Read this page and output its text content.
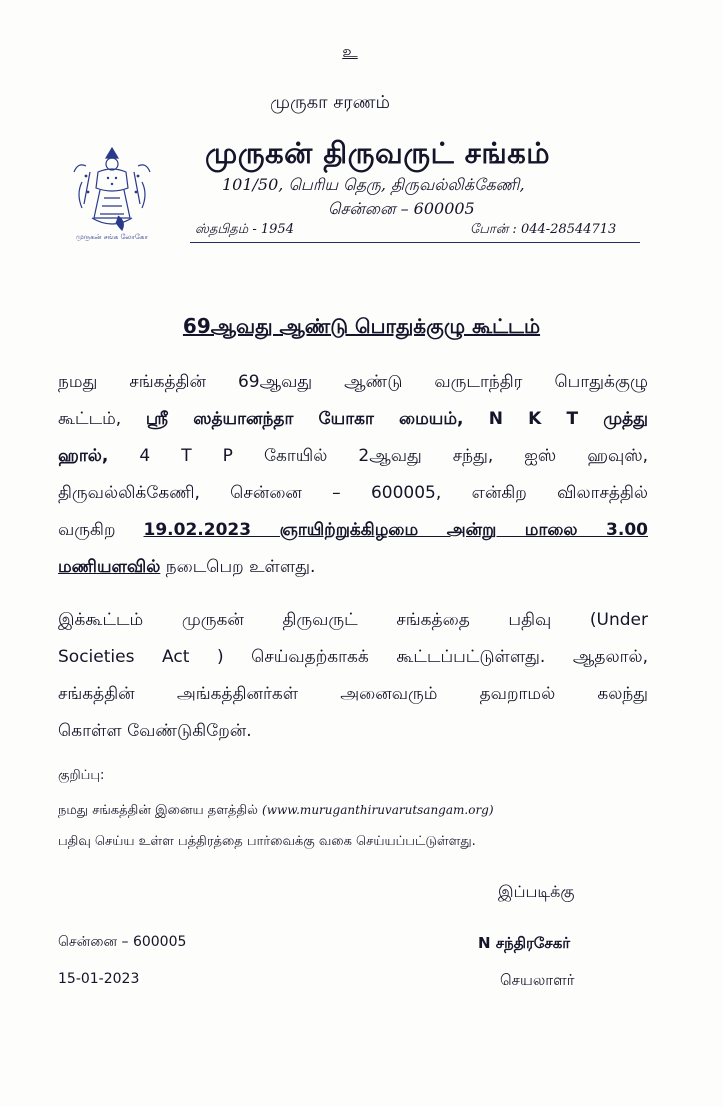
உ
முருகா சரணம்
முருகன் சங்க லோகோ
முருகன் திருவருட் சங்கம்
101/50, பெரிய தெரு, திருவல்லிக்கேணி,
சென்னை – 600005
ஸ்தபிதம் - 1954	போன் : 044-28544713
69ஆவது ஆண்டு பொதுக்குழு கூட்டம்
நமது சங்கத்தின் 69ஆவது ஆண்டு வருடாந்திர பொதுக்குழு
கூட்டம், ஸ்ரீ ஸத்யானந்தா யோகா மையம், N K T முத்து
ஹால், 4 T P கோயில் 2ஆவது சந்து, ஐஸ் ஹவுஸ்,
திருவல்லிக்கேணி, சென்னை – 600005, என்கிற விலாசத்தில்
வருகிற 19.02.2023 ஞாயிற்றுக்கிழமை அன்று மாலை 3.00
மணியளவில் நடைபெற உள்ளது.
இக்கூட்டம் முருகன் திருவருட் சங்கத்தை பதிவு (Under
Societies Act ) செய்வதற்காகக் கூட்டப்பட்டுள்ளது. ஆதலால்,
சங்கத்தின் அங்கத்தினர்கள் அனைவரும் தவறாமல் கலந்து
கொள்ள வேண்டுகிறேன்.
குறிப்பு:
நமது சங்கத்தின் இனைய தளத்தில் (www.muruganthiruvarutsangam.org)
பதிவு செய்ய உள்ள பத்திரத்தை பார்வைக்கு வகை செய்யப்பட்டுள்ளது.
இப்படிக்கு
சென்னை – 600005	N சந்திரசேகர்
15-01-2023	செயலாளர்
